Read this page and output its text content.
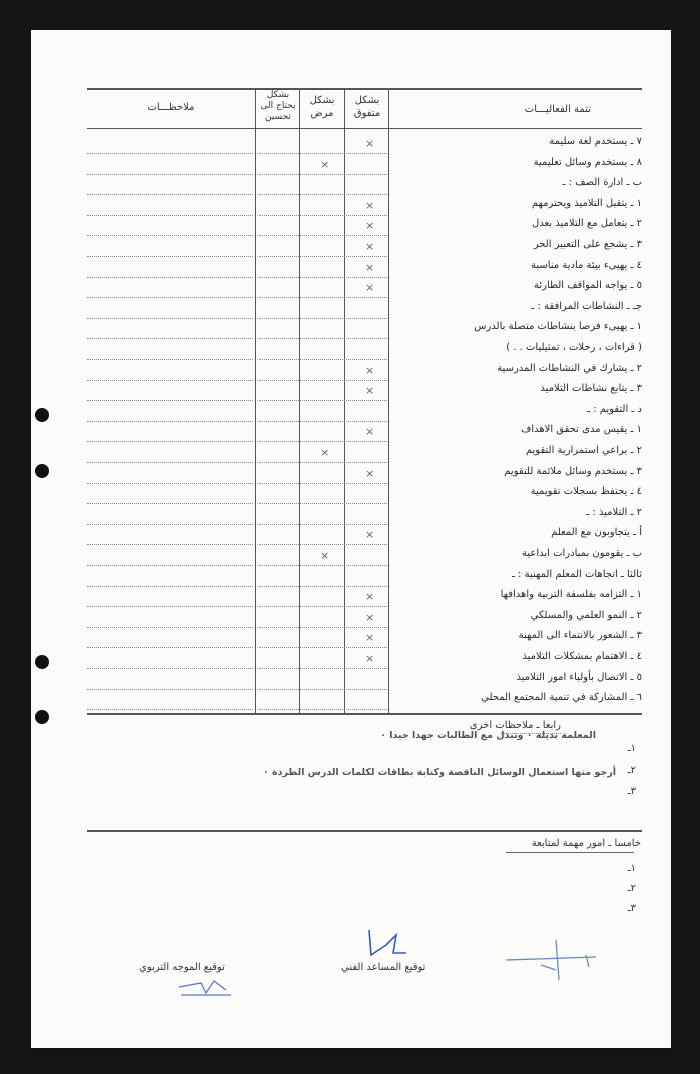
ملاحظـــات
بشكل يحتاج الى تحسين
بشكل مرض
بشكل متفوق	تتمة الفعاليـــات
٧ ـ يستخدم لغة سليمة
×
٨ ـ يستخدم وسائل تعليمية
×
ب ـ ادارة الصف : ـ
١ ـ يتقبل التلاميذ ويحترمهم
×
٢ ـ يتعامل مع التلاميذ بعدل
×
٣ ـ يشجع على التعبير الحر
×
٤ ـ يهيىء بيئة مادية مناسبة
×
٥ ـ يواجه المواقف الطارئة
×
جـ ـ النشاطات المرافقة : ـ
١ ـ يهيىء فرصا بنشاطات متصلة بالدرس
( قراءات ، رحلات ، تمثيليات . . )
٢ ـ يشارك في النشاطات المدرسية
×
٣ ـ يتابع نشاطات التلاميذ
×
د ـ التقويم : ـ
١ ـ يقيس مدى تحقق الاهداف
×
٢ ـ يراعي استمرارية التقويم
×
٣ ـ يستخدم وسائل ملائمة للتقويم
×
٤ ـ يحتفظ بسجلات تقويمية
٢ ـ التلاميذ : ـ
أ ـ يتجاوبون مع المعلم
×
ب ـ يقومون بمبادرات ابداعية
×
ثالثا ـ اتجاهات المعلم المهنية : ـ
١ ـ التزامه بفلسفة التربية واهدافها
×
٢ ـ النمو العلمي والمسلكي
×
٣ ـ الشعور بالانتماء الى المهنة
×
٤ ـ الاهتمام بمشكلات التلاميذ
×
٥ ـ الاتصال بأولياء امور التلاميذ
٦ ـ المشاركة في تنمية المجتمع المحلي
رابعا ـ ملاحظات اخرى
١ـ
المعلمة بديلة ٠ وتبذل مع الطالبات جهدا جيدا ٠
٢ـ
أرجو منها استعمال الوسائل الناقصة وكتابة بطاقات لكلمات الدرس الطردة ٠
٣ـ
خامسا ـ امور مهمة لمتابعة
١ـ
٢ـ
٣ـ
توقيع الموجه التربوي	توقيع المساعد الفني
